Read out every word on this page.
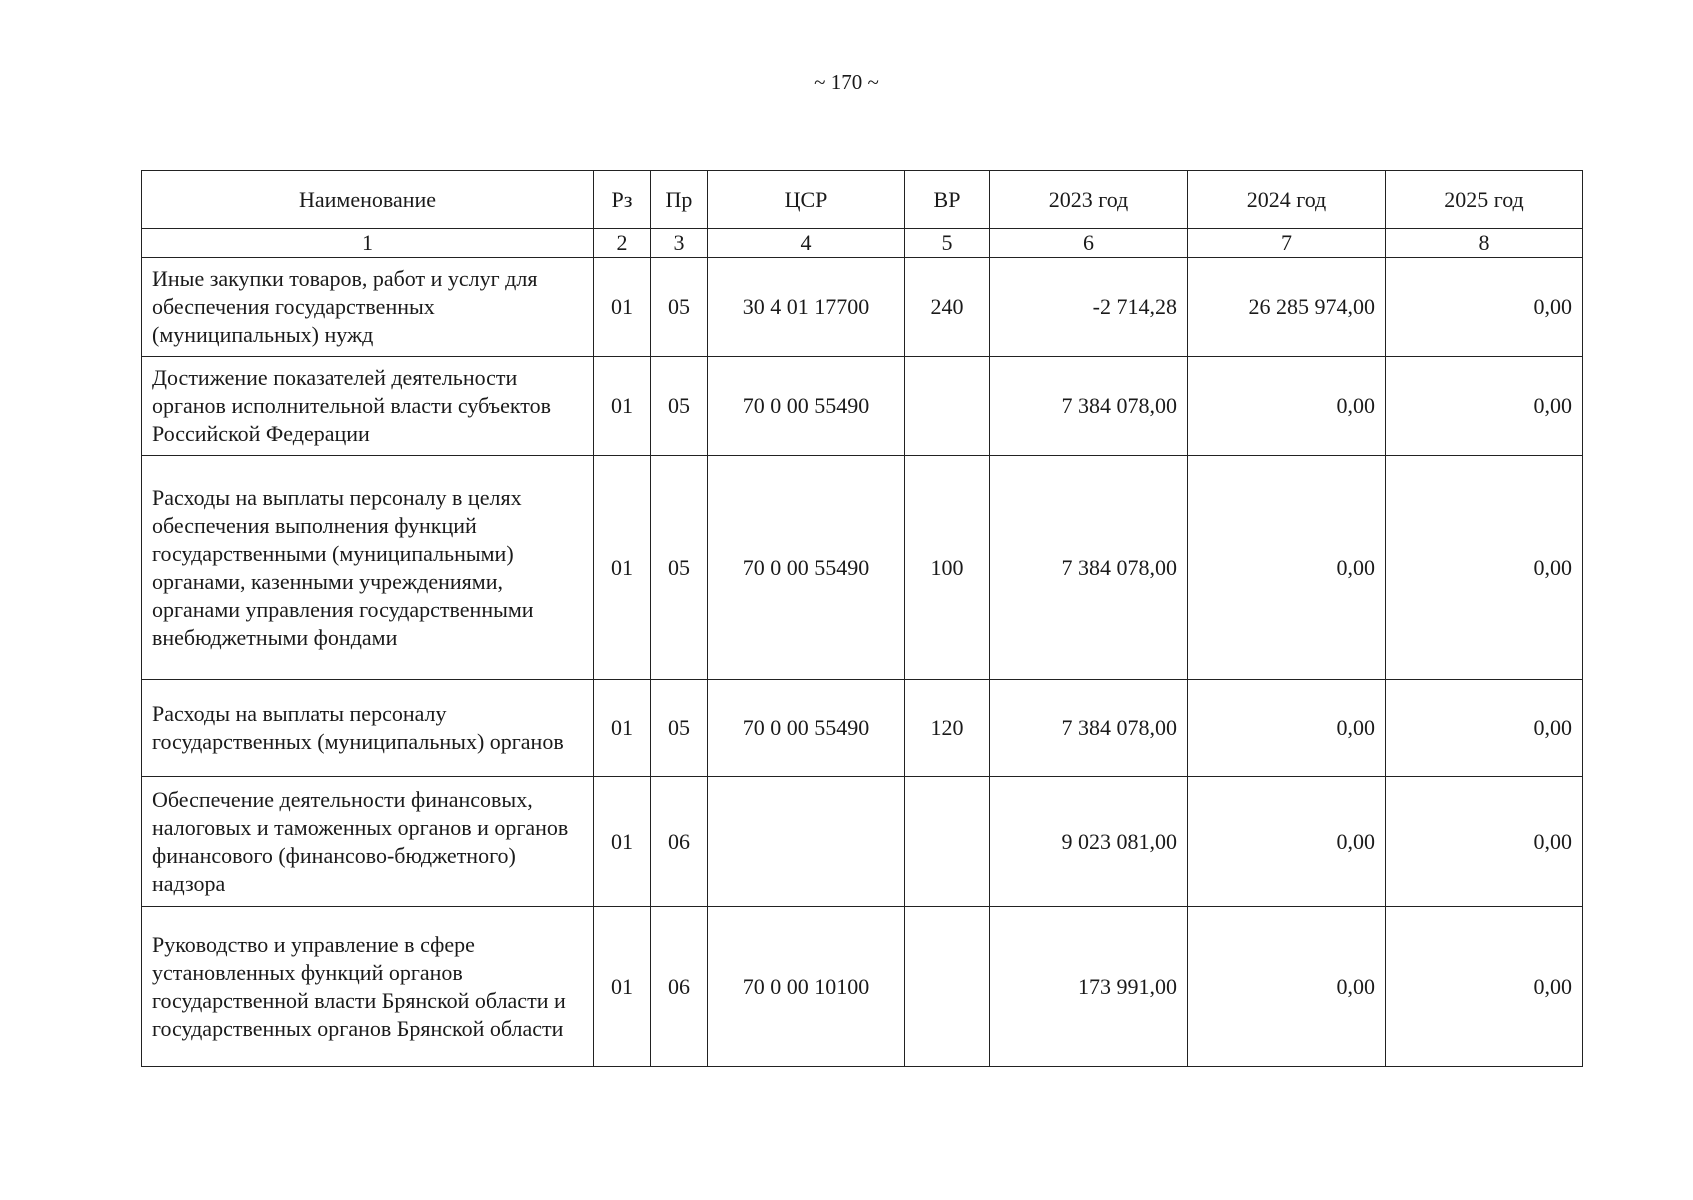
~ 170 ~
Наименование	Рз	Пр	ЦСР	ВР	2023 год	2024 год	2025 год
1	2	3	4	5	6	7	8
Иные закупки товаров, работ и услуг для обеспечения государственных (муниципальных) нужд	01	05	30 4 01 17700	240	-2 714,28	26 285 974,00	0,00
Достижение показателей деятельности органов исполнительной власти субъектов Российской Федерации	01	05	70 0 00 55490		7 384 078,00	0,00	0,00
Расходы на выплаты персоналу в целях обеспечения выполнения функций государственными (муниципальными) органами, казенными учреждениями, органами управления государственными внебюджетными фондами	01	05	70 0 00 55490	100	7 384 078,00	0,00	0,00
Расходы на выплаты персоналу государственных (муниципальных) органов	01	05	70 0 00 55490	120	7 384 078,00	0,00	0,00
Обеспечение деятельности финансовых, налоговых и таможенных органов и органов финансового (финансово-бюджетного) надзора	01	06			9 023 081,00	0,00	0,00
Руководство и управление в сфере установленных функций органов государственной власти Брянской области и государственных органов Брянской области	01	06	70 0 00 10100		173 991,00	0,00	0,00
